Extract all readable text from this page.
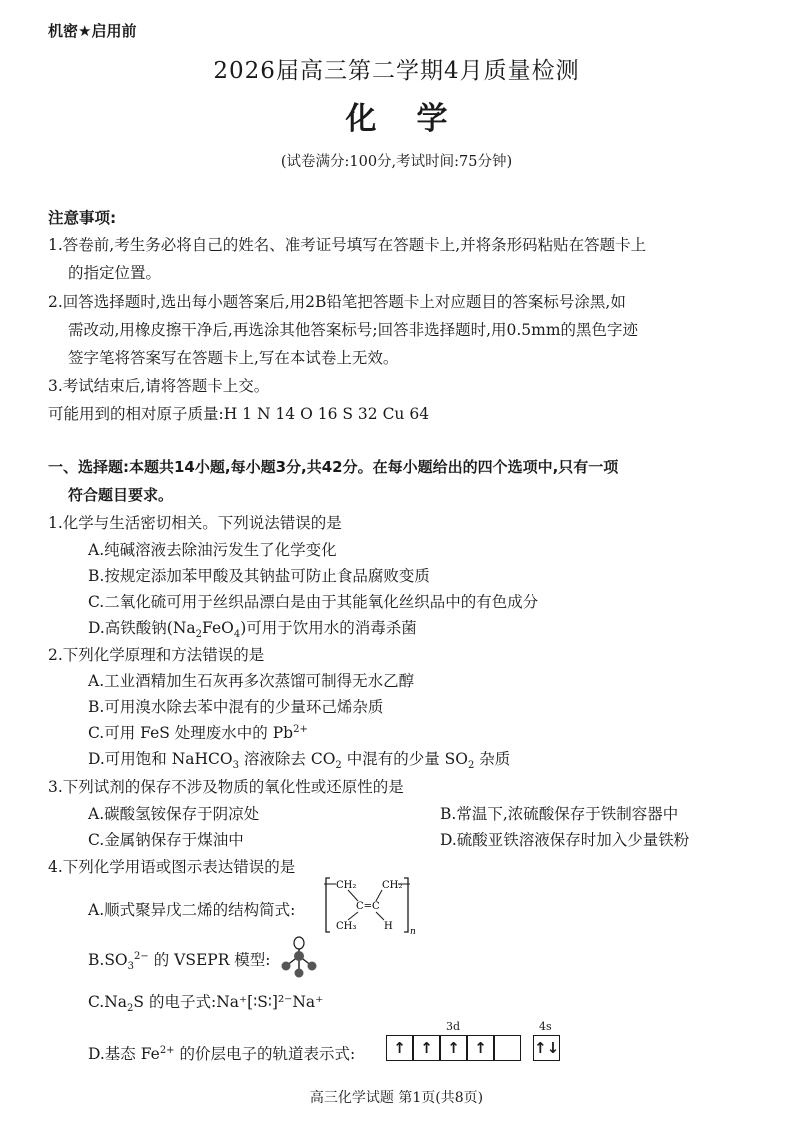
机密★启用前
2026届高三第二学期4月质量检测
化学
(试卷满分:100分,考试时间:75分钟)
注意事项:
1.答卷前,考生务必将自己的姓名、准考证号填写在答题卡上,并将条形码粘贴在答题卡上
的指定位置。
2.回答选择题时,选出每小题答案后,用2B铅笔把答题卡上对应题目的答案标号涂黑,如
需改动,用橡皮擦干净后,再选涂其他答案标号;回答非选择题时,用0.5mm的黑色字迹
签字笔将答案写在答题卡上,写在本试卷上无效。
3.考试结束后,请将答题卡上交。
可能用到的相对原子质量:H 1 N 14 O 16 S 32 Cu 64
一、选择题:本题共14小题,每小题3分,共42分。在每小题给出的四个选项中,只有一项
符合题目要求。
1.化学与生活密切相关。下列说法错误的是
A.纯碱溶液去除油污发生了化学变化
B.按规定添加苯甲酸及其钠盐可防止食品腐败变质
C.二氧化硫可用于丝织品漂白是由于其能氧化丝织品中的有色成分
D.高铁酸钠$(Na_2FeO_4)$可用于饮用水的消毒杀菌
2.下列化学原理和方法错误的是
A.工业酒精加生石灰再多次蒸馏可制得无水乙醇
B.可用溴水除去苯中混有的少量环己烯杂质
C.可用 FeS 处理废水中的 $Pb^{2+}$
D.可用饱和 NaHCO$_3$ 溶液除去 $CO_2$ 中混有的少量 $SO_2$ 杂质
3.下列试剂的保存不涉及物质的氧化性或还原性的是
A.碳酸氢铵保存于阴凉处	B.常温下,浓硫酸保存于铁制容器中
C.金属钠保存于煤油中	D.硫酸亚铁溶液保存时加入少量铁粉
4.下列化学用语或图示表达错误的是
A.顺式聚异戊二烯的结构简式:
CH₂	CH₂
C=C
CH₃	H n
$B.SO_3^{2-}$ 的 VSEPR 模型:
$C.Na_2S$ 的电子式:Na⁺[∶S∶]²⁻Na⁺
D.基态 $Fe^{2+}$ 的价层电子的轨道表示式:
3d	4s
↑ ↑ ↑ ↑	↑↓
高三化学试题 第1页(共8页)
